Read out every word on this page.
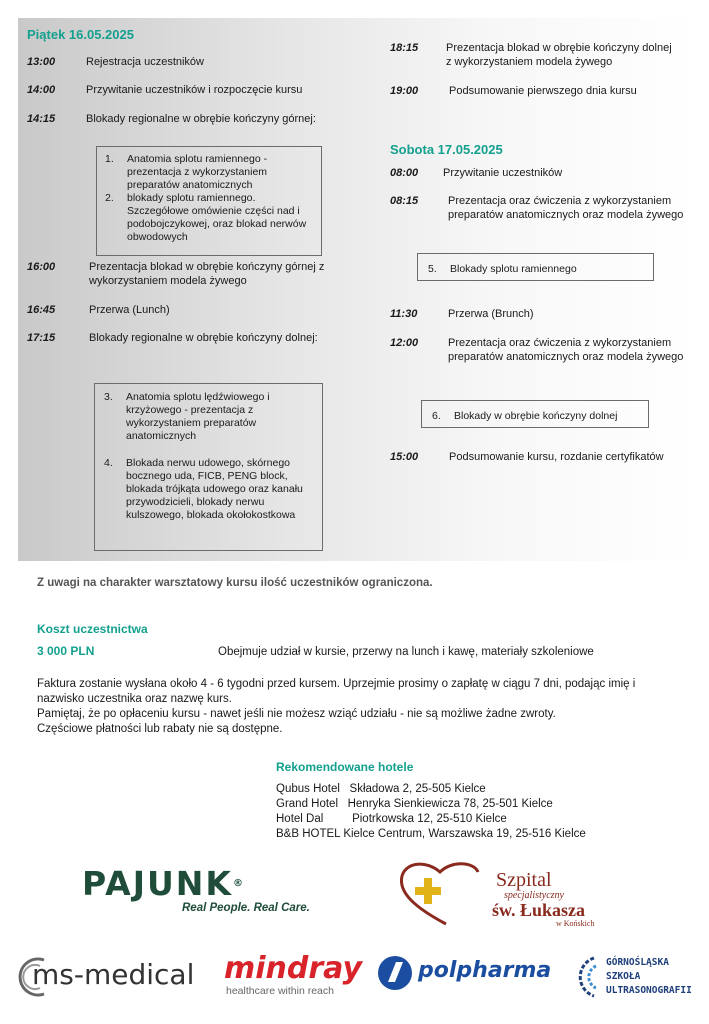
Piątek 16.05.2025
13:00	Rejestracja uczestników
14:00	Przywitanie uczestników i rozpoczęcie kursu
14:15	Blokady regionalne w obrębie kończyny górnej:
1.	Anatomia splotu ramiennego - prezentacja z wykorzystaniem preparatów anatomicznych
2.	blokady splotu ramiennego. Szczegółowe omówienie części nad i podobojczykowej, oraz blokad nerwów obwodowych
16:00	Prezentacja blokad w obrębie kończyny górnej z wykorzystaniem modela żywego
16:45	Przerwa (Lunch)
17:15	Blokady regionalne w obrębie kończyny dolnej:
3.	Anatomia splotu lędźwiowego i krzyżowego - prezentacja z wykorzystaniem preparatów anatomicznych
4.	Blokada nerwu udowego, skórnego bocznego uda, FICB, PENG block, blokada trójkąta udowego oraz kanału przywodzicieli, blokady nerwu kulszowego, blokada okołokostkowa
18:15	Prezentacja blokad w obrębie kończyny dolnej z wykorzystaniem modela żywego
19:00	Podsumowanie pierwszego dnia kursu
Sobota 17.05.2025
08:00 Przywitanie uczestników
08:15	Prezentacja oraz ćwiczenia z wykorzystaniem preparatów anatomicznych oraz modela żywego
5.	Blokady splotu ramiennego
11:30	Przerwa (Brunch)
12:00	Prezentacja oraz ćwiczenia z wykorzystaniem preparatów anatomicznych oraz modela żywego
6.	Blokady w obrębie kończyny dolnej
15:00	Podsumowanie kursu, rozdanie certyfikatów
Z uwagi na charakter warsztatowy kursu ilość uczestników ograniczona.
Koszt uczestnictwa
3 000 PLN	Obejmuje udział w kursie, przerwy na lunch i kawę, materiały szkoleniowe
Faktura zostanie wysłana około 4 - 6 tygodni przed kursem. Uprzejmie prosimy o zapłatę w ciągu 7 dni, podając imię i nazwisko uczestnika oraz nazwę kurs.
Pamiętaj, że po opłaceniu kursu - nawet jeśli nie możesz wziąć udziału - nie są możliwe żadne zwroty.
Częściowe płatności lub rabaty nie są dostępne.
Rekomendowane hotele
Qubus Hotel Składowa 2, 25-505 Kielce
Grand Hotel Henryka Sienkiewicza 78, 25-501 Kielce
Hotel Dal	Piotrkowska 12, 25-510 Kielce
B&B HOTEL Kielce Centrum, Warszawska 19, 25-516 Kielce
PAJUNK®
Real People. Real Care.
Szpital
specjalistyczny
św. Łukasza
w Końskich
ms-medical mindray
healthcare within reach
polpharma	GÓRNOŚLĄSKA
SZKOŁA
ULTRASONOGRAFII
